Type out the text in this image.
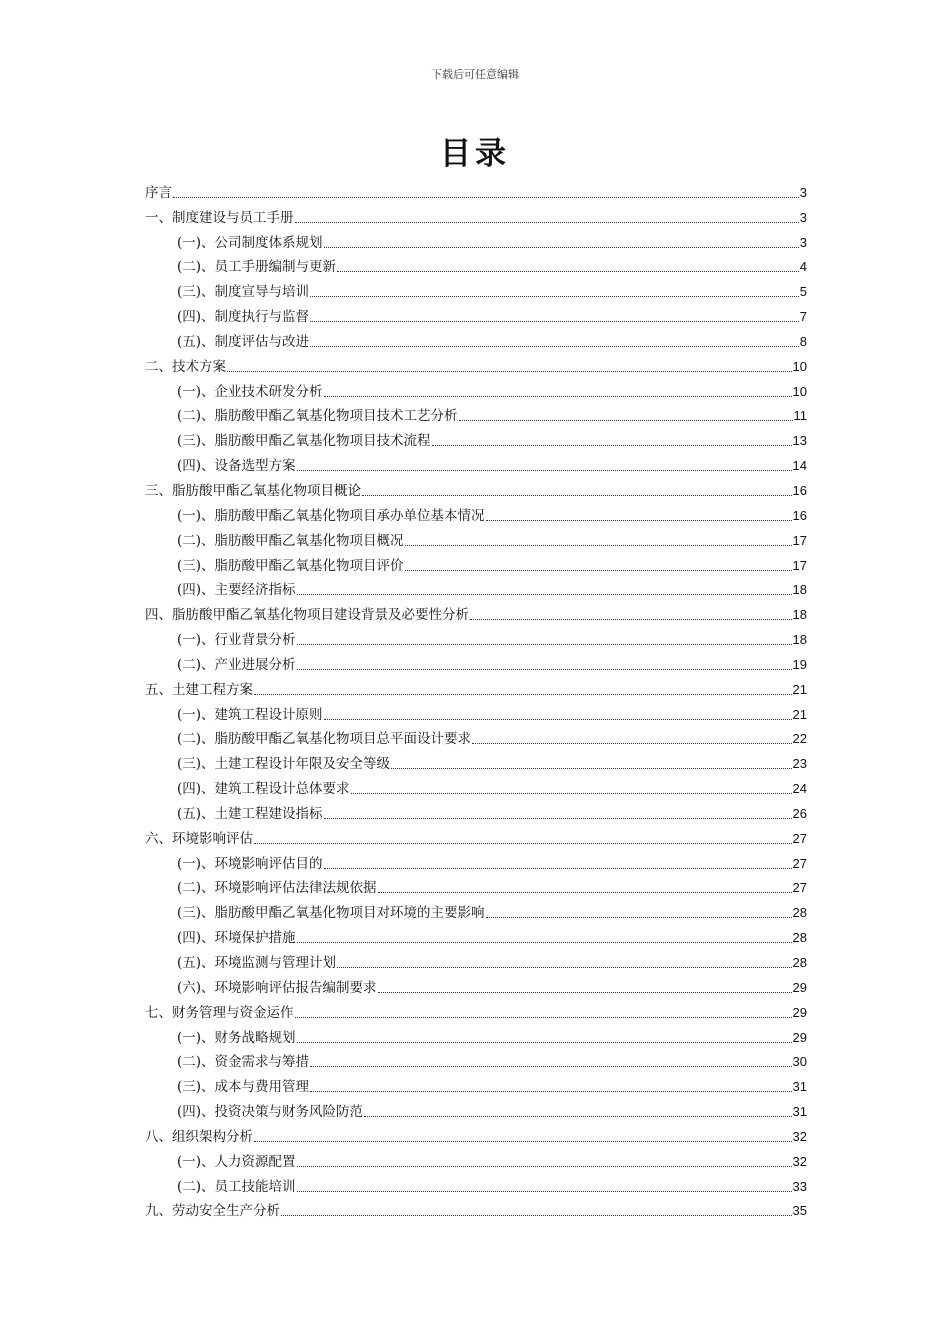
下载后可任意编辑
目录
序言	3
一、制度建设与员工手册	3
(一)、公司制度体系规划	3
(二)、员工手册编制与更新	4
(三)、制度宣导与培训	5
(四)、制度执行与监督	7
(五)、制度评估与改进	8
二、技术方案	10
(一)、企业技术研发分析	10
(二)、脂肪酸甲酯乙氧基化物项目技术工艺分析	11
(三)、脂肪酸甲酯乙氧基化物项目技术流程	13
(四)、设备选型方案	14
三、脂肪酸甲酯乙氧基化物项目概论	16
(一)、脂肪酸甲酯乙氧基化物项目承办单位基本情况	16
(二)、脂肪酸甲酯乙氧基化物项目概况	17
(三)、脂肪酸甲酯乙氧基化物项目评价	17
(四)、主要经济指标	18
四、脂肪酸甲酯乙氧基化物项目建设背景及必要性分析	18
(一)、行业背景分析	18
(二)、产业进展分析	19
五、土建工程方案	21
(一)、建筑工程设计原则	21
(二)、脂肪酸甲酯乙氧基化物项目总平面设计要求	22
(三)、土建工程设计年限及安全等级	23
(四)、建筑工程设计总体要求	24
(五)、土建工程建设指标	26
六、环境影响评估	27
(一)、环境影响评估目的	27
(二)、环境影响评估法律法规依据	27
(三)、脂肪酸甲酯乙氧基化物项目对环境的主要影响	28
(四)、环境保护措施	28
(五)、环境监测与管理计划	28
(六)、环境影响评估报告编制要求	29
七、财务管理与资金运作	29
(一)、财务战略规划	29
(二)、资金需求与筹措	30
(三)、成本与费用管理	31
(四)、投资决策与财务风险防范	31
八、组织架构分析	32
(一)、人力资源配置	32
(二)、员工技能培训	33
九、劳动安全生产分析	35
